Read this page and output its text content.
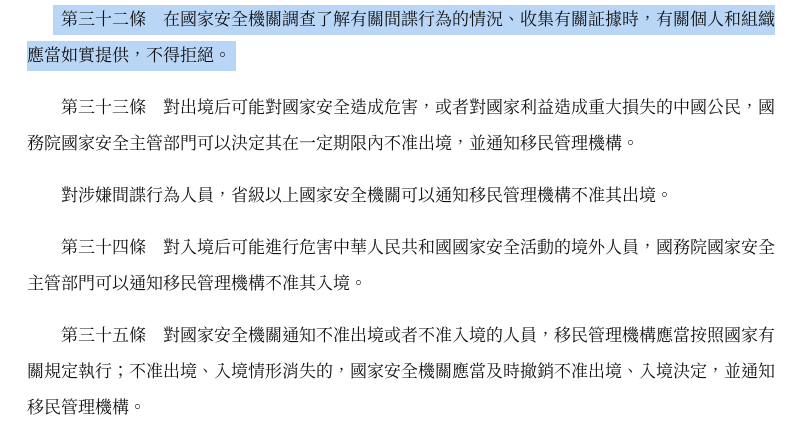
第三十二條　在國家安全機關調查了解有關間諜行為的情況、收集有關証據時，有關個人和組織應當如實提供，不得拒絕。

第三十三條　對出境后可能對國家安全造成危害，或者對國家利益造成重大損失的中國公民，國務院國家安全主管部門可以決定其在一定期限內不准出境，並通知移民管理機構。

對涉嫌間諜行為人員，省級以上國家安全機關可以通知移民管理機構不准其出境。

第三十四條　對入境后可能進行危害中華人民共和國國家安全活動的境外人員，國務院國家安全主管部門可以通知移民管理機構不准其入境。

第三十五條　對國家安全機關通知不准出境或者不准入境的人員，移民管理機構應當按照國家有關規定執行；不准出境、入境情形消失的，國家安全機關應當及時撤銷不准出境、入境決定，並通知移民管理機構。
